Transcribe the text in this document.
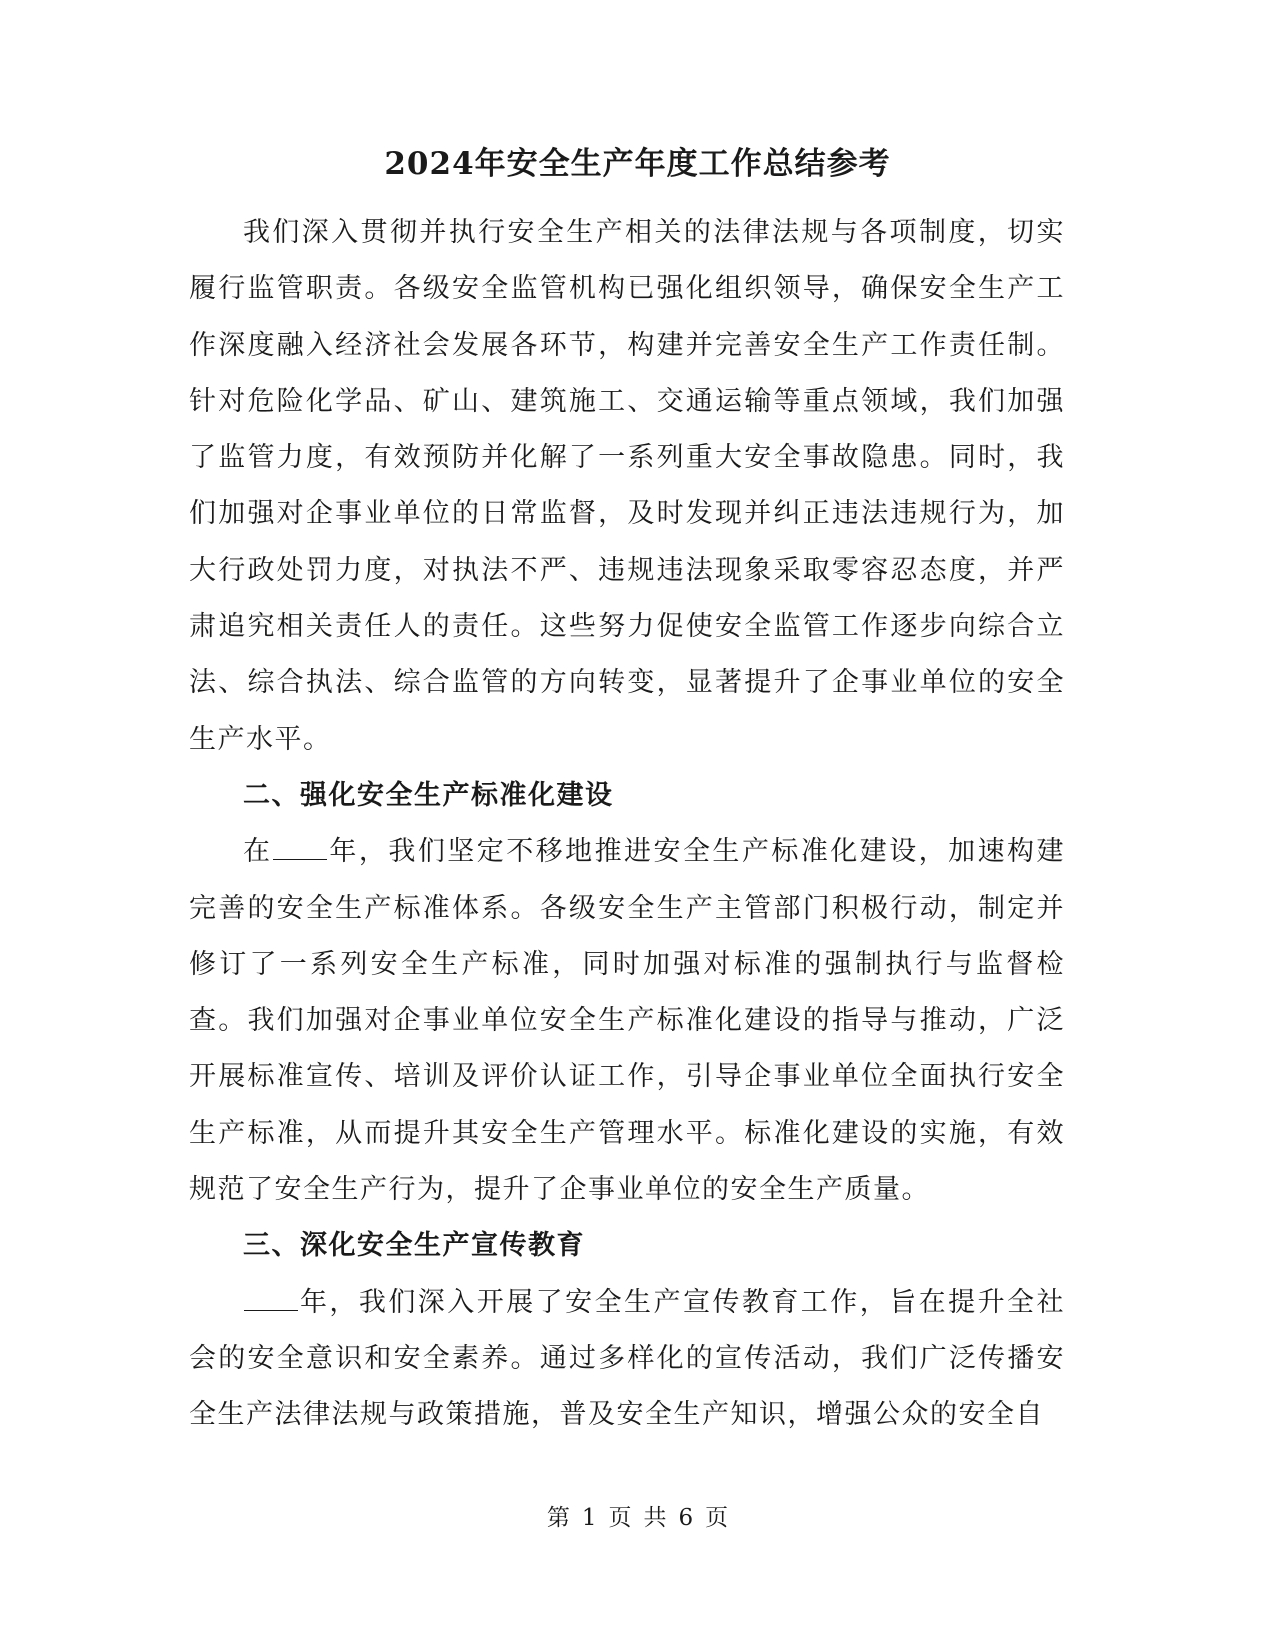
2024年安全生产年度工作总结参考

我们深入贯彻并执行安全生产相关的法律法规与各项制度，切实履行监管职责。各级安全监管机构已强化组织领导，确保安全生产工作深度融入经济社会发展各环节，构建并完善安全生产工作责任制。针对危险化学品、矿山、建筑施工、交通运输等重点领域，我们加强了监管力度，有效预防并化解了一系列重大安全事故隐患。同时，我们加强对企事业单位的日常监督，及时发现并纠正违法违规行为，加大行政处罚力度，对执法不严、违规违法现象采取零容忍态度，并严肃追究相关责任人的责任。这些努力促使安全监管工作逐步向综合立法、综合执法、综合监管的方向转变，显著提升了企事业单位的安全生产水平。

二、强化安全生产标准化建设

在 年，我们坚定不移地推进安全生产标准化建设，加速构建完善的安全生产标准体系。各级安全生产主管部门积极行动，制定并修订了一系列安全生产标准，同时加强对标准的强制执行与监督检查。我们加强对企事业单位安全生产标准化建设的指导与推动，广泛开展标准宣传、培训及评价认证工作，引导企事业单位全面执行安全生产标准，从而提升其安全生产管理水平。标准化建设的实施，有效规范了安全生产行为，提升了企事业单位的安全生产质量。

三、深化安全生产宣传教育

年，我们深入开展了安全生产宣传教育工作，旨在提升全社会的安全意识和安全素养。通过多样化的宣传活动，我们广泛传播安全生产法律法规与政策措施，普及安全生产知识，增强公众的安全自

第 1 页 共 6 页
